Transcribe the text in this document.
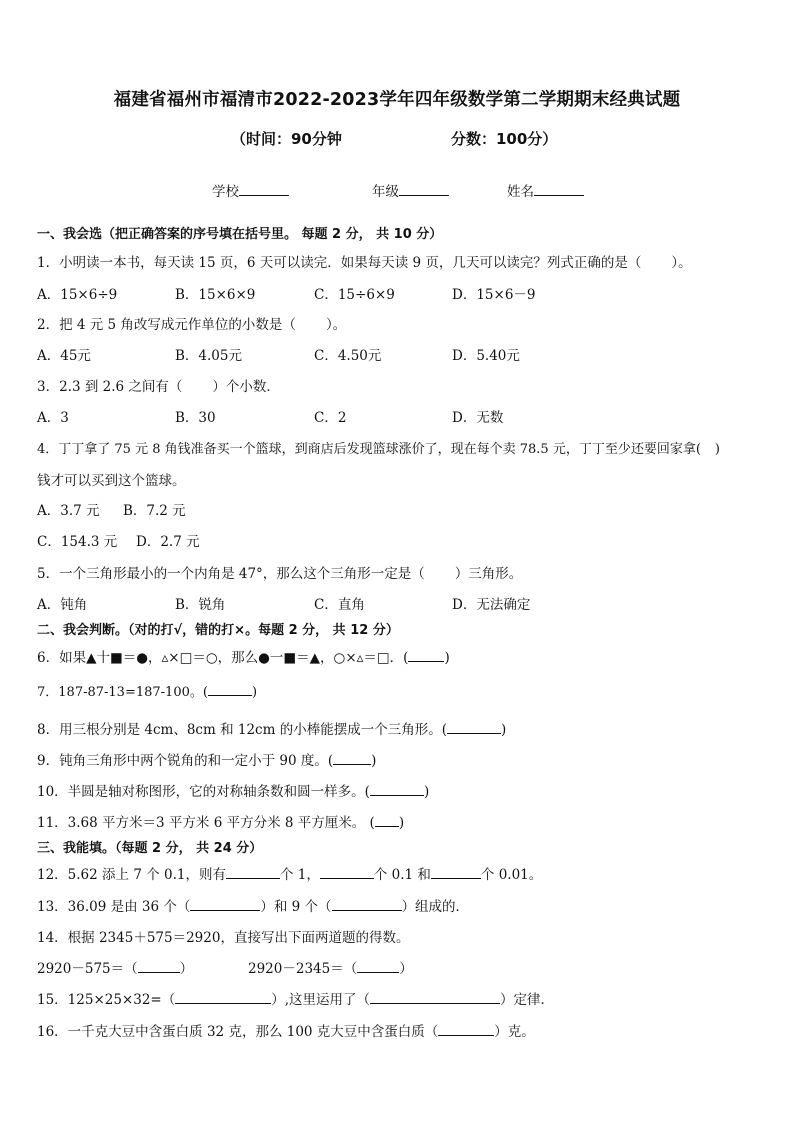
福建省福州市福清市2022-2023学年四年级数学第二学期期末经典试题
（时间：90分钟	分数：100分）
学校	年级	姓名
一、我会选（把正确答案的序号填在括号里。 每题 2 分， 共 10 分）
1．小明读一本书，每天读 15 页，6 天可以读完．如果每天读 9 页，几天可以读完？列式正确的是（ ）。
A．15×6÷9	B．15×6×9	C．15÷6×9	D．15×6－9
2．把 4 元 5 角改写成元作单位的小数是（ ）。
A．45元	B．4.05元	C．4.50元	D．5.40元
3．2.3 到 2.6 之间有（ ）个小数．
A．3	B．30	C．2	D．无数
4．丁丁拿了 75 元 8 角钱准备买一个篮球，到商店后发现篮球涨价了，现在每个卖 78.5 元，丁丁至少还要回家拿( )
钱才可以买到这个篮球。
A．3.7 元 B．7.2 元
C．154.3 元 D．2.7 元
5．一个三角形最小的一个内角是 47°，那么这个三角形一定是（ ）三角形。
A．钝角	B．锐角	C．直角	D．无法确定
二、我会判断。（对的打√，错的打×。每题 2 分， 共 12 分）
6．如果▲十■＝●，▵×□＝○，那么●一■＝▲，○×▵＝□．(	)
7．187-87-13=187-100。(	)
8．用三根分别是 4cm、8cm 和 12cm 的小棒能摆成一个三角形。(	)
9．钝角三角形中两个锐角的和一定小于 90 度。(	)
10．半圆是轴对称图形，它的对称轴条数和圆一样多。(	)
11．3.68 平方米＝3 平方米 6 平方分米 8 平方厘米。 ( )
三、我能填。（每题 2 分， 共 24 分）
12．5.62 添上 7 个 0.1，则有	个 1，	个 0.1 和	个 0.01。
13．36.09 是由 36 个（	）和 9 个（	）组成的．
14．根据 2345＋575＝2920，直接写出下面两道题的得数。
2920－575＝（	）	2920－2345＝（	）
15．125×25×32=（	）,这里运用了（	）定律．
16．一千克大豆中含蛋白质 32 克，那么 100 克大豆中含蛋白质（	）克。
